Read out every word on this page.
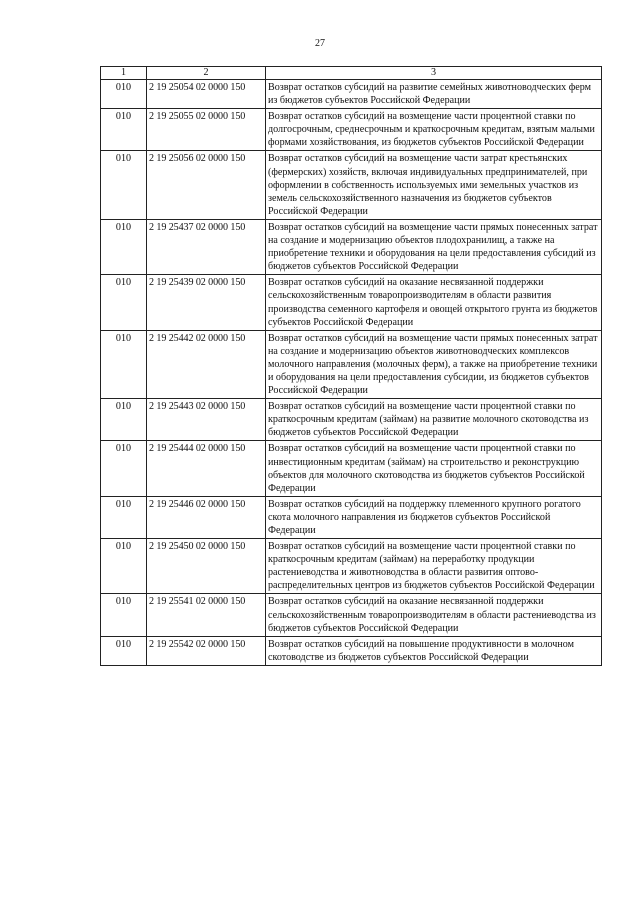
27
1	2	3
010	2 19 25054 02 0000 150	Возврат остатков субсидий на развитие семейных животноводческих ферм из бюджетов субъектов Российской Федерации
010	2 19 25055 02 0000 150	Возврат остатков субсидий на возмещение части процентной ставки по долгосрочным, среднесрочным и краткосрочным кредитам, взятым малыми формами хозяйствования, из бюджетов субъектов Российской Федерации
010	2 19 25056 02 0000 150	Возврат остатков субсидий на возмещение части затрат крестьянских (фермерских) хозяйств, включая индивидуальных предпринимателей, при оформлении в собственность используемых ими земельных участков из земель сельскохозяйственного назначения из бюджетов субъектов Российской Федерации
010	2 19 25437 02 0000 150	Возврат остатков субсидий на возмещение части прямых понесенных затрат на создание и модернизацию объектов плодохранилищ, а также на приобретение техники и оборудования на цели предоставления субсидий из бюджетов субъектов Российской Федерации
010	2 19 25439 02 0000 150	Возврат остатков субсидий на оказание несвязанной поддержки сельскохозяйственным товаропроизводителям в области развития производства семенного картофеля и овощей открытого грунта из бюджетов субъектов Российской Федерации
010	2 19 25442 02 0000 150	Возврат остатков субсидий на возмещение части прямых понесенных затрат на создание и модернизацию объектов животноводческих комплексов молочного направления (молочных ферм), а также на приобретение техники и оборудования на цели предоставления субсидии, из бюджетов субъектов Российской Федерации
010	2 19 25443 02 0000 150	Возврат остатков субсидий на возмещение части процентной ставки по краткосрочным кредитам (займам) на развитие молочного скотоводства из бюджетов субъектов Российской Федерации
010	2 19 25444 02 0000 150	Возврат остатков субсидий на возмещение части процентной ставки по инвестиционным кредитам (займам) на строительство и реконструкцию объектов для молочного скотоводства из бюджетов субъектов Российской Федерации
010	2 19 25446 02 0000 150	Возврат остатков субсидий на поддержку племенного крупного рогатого скота молочного направления из бюджетов субъектов Российской Федерации
010	2 19 25450 02 0000 150	Возврат остатков субсидий на возмещение части процентной ставки по краткосрочным кредитам (займам) на переработку продукции растениеводства и животноводства в области развития оптово-распределительных центров из бюджетов субъектов Российской Федерации
010	2 19 25541 02 0000 150	Возврат остатков субсидий на оказание несвязанной поддержки сельскохозяйственным товаропроизводителям в области растениеводства из бюджетов субъектов Российской Федерации
010	2 19 25542 02 0000 150	Возврат остатков субсидий на повышение продуктивности в молочном скотоводстве из бюджетов субъектов Российской Федерации
